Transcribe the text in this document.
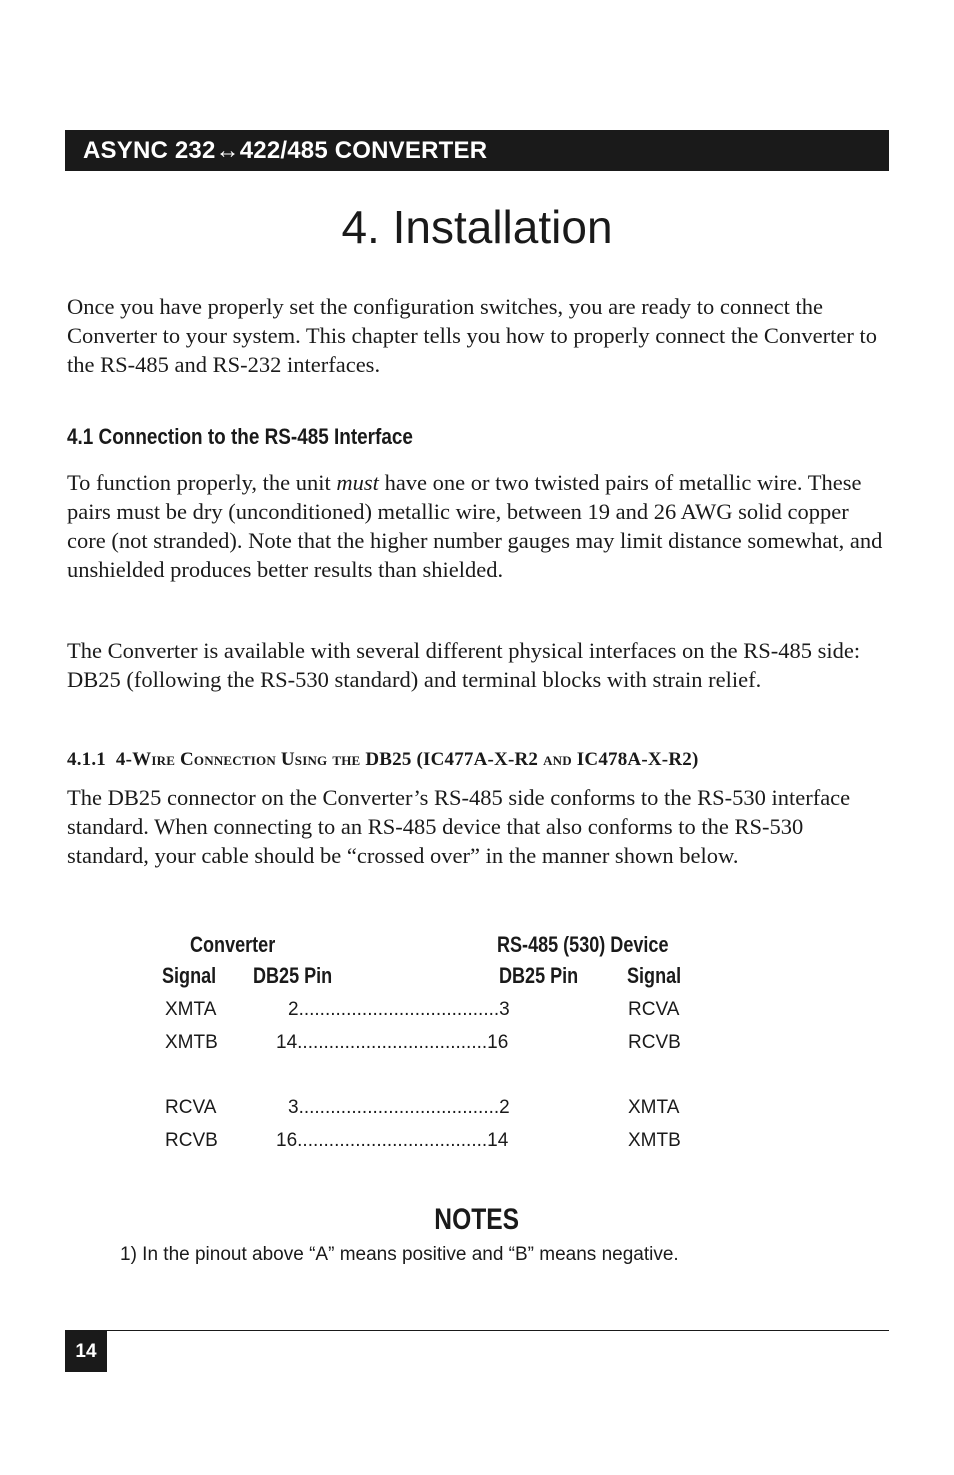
ASYNC 232↔422/485 CONVERTER
4. Installation

Once you have properly set the configuration switches, you are ready to connect the Converter to your system. This chapter tells you how to properly connect the Converter to the RS-485 and RS-232 interfaces.

4.1 Connection to the RS-485 Interface

To function properly, the unit must have one or two twisted pairs of metallic wire. These pairs must be dry (unconditioned) metallic wire, between 19 and 26 AWG solid copper core (not stranded). Note that the higher number gauges may limit distance somewhat, and unshielded produces better results than shielded.

The Converter is available with several different physical interfaces on the RS-485 side: DB25 (following the RS-530 standard) and terminal blocks with strain relief.

4.1.1 4-Wire Connection Using the DB25 (IC477A-X-R2 and IC478A-X-R2)

The DB25 connector on the Converter’s RS-485 side conforms to the RS-530 interface standard. When connecting to an RS-485 device that also conforms to the RS-530 standard, your cable should be “crossed over” in the manner shown below.

Converter	RS-485 (530) Device
Signal DB25 Pin	DB25 Pin Signal
XMTA	2......................................3	RCVA
XMTB	14....................................16	RCVB
RCVA	3......................................2	XMTA
RCVB	16....................................14	XMTB
NOTES

1) In the pinout above “A” means positive and “B” means negative.

14
